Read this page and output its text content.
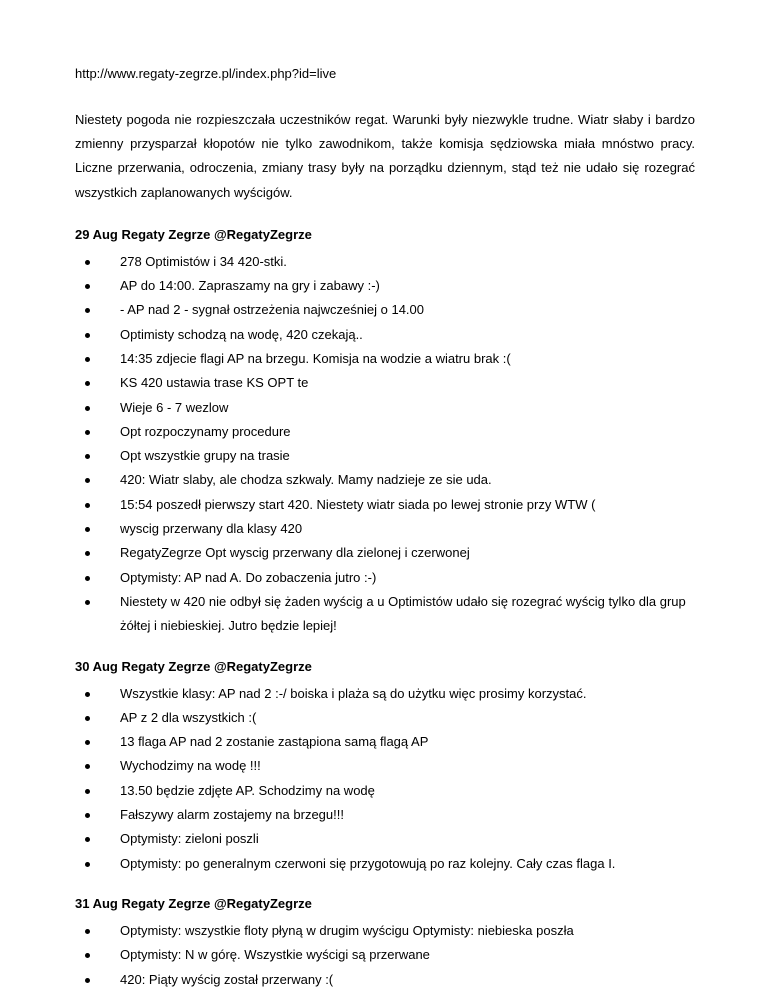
http://www.regaty-zegrze.pl/index.php?id=live

Niestety pogoda nie rozpieszczała uczestników regat. Warunki były niezwykle trudne. Wiatr słaby i bardzo zmienny przysparzał kłopotów nie tylko zawodnikom, także komisja sędziowska miała mnóstwo pracy. Liczne przerwania, odroczenia, zmiany trasy były na porządku dziennym, stąd też nie udało się rozegrać wszystkich zaplanowanych wyścigów.

29 Aug Regaty Zegrze @RegatyZegrze
278 Optimistów i 34 420-stki.
AP do 14:00. Zapraszamy na gry i zabawy :-)
- AP nad 2 - sygnał ostrzeżenia najwcześniej o 14.00
Optimisty schodzą na wodę, 420 czekają..
14:35 zdjecie flagi AP na brzegu. Komisja na wodzie a wiatru brak :(
KS 420 ustawia trase KS OPT te
Wieje 6 - 7 wezlow
Opt rozpoczynamy procedure
Opt wszystkie grupy na trasie
420: Wiatr slaby, ale chodza szkwaly. Mamy nadzieje ze sie uda.
15:54 poszedł pierwszy start 420. Niestety wiatr siada po lewej stronie przy WTW (
wyscig przerwany dla klasy 420
RegatyZegrze Opt wyscig przerwany dla zielonej i czerwonej
Optymisty: AP nad A. Do zobaczenia jutro :-)
Niestety w 420 nie odbył się żaden wyścig a u Optimistów udało się rozegrać wyścig tylko dla grup żółtej i niebieskiej. Jutro będzie lepiej!
30 Aug Regaty Zegrze @RegatyZegrze
Wszystkie klasy: AP nad 2 :-/ boiska i plaża są do użytku więc prosimy korzystać.
AP z 2 dla wszystkich :(
13 flaga AP nad 2 zostanie zastąpiona samą flagą AP
Wychodzimy na wodę !!!
13.50 będzie zdjęte AP. Schodzimy na wodę
Fałszywy alarm zostajemy na brzegu!!!
Optymisty: zieloni poszli
Optymisty: po generalnym czerwoni się przygotowują po raz kolejny. Cały czas flaga I.
31 Aug Regaty Zegrze @RegatyZegrze
Optymisty: wszystkie floty płyną w drugim wyścigu Optymisty: niebieska poszła
Optymisty: N w górę. Wszystkie wyścigi są przerwane
420: Piąty wyścig został przerwany :(
